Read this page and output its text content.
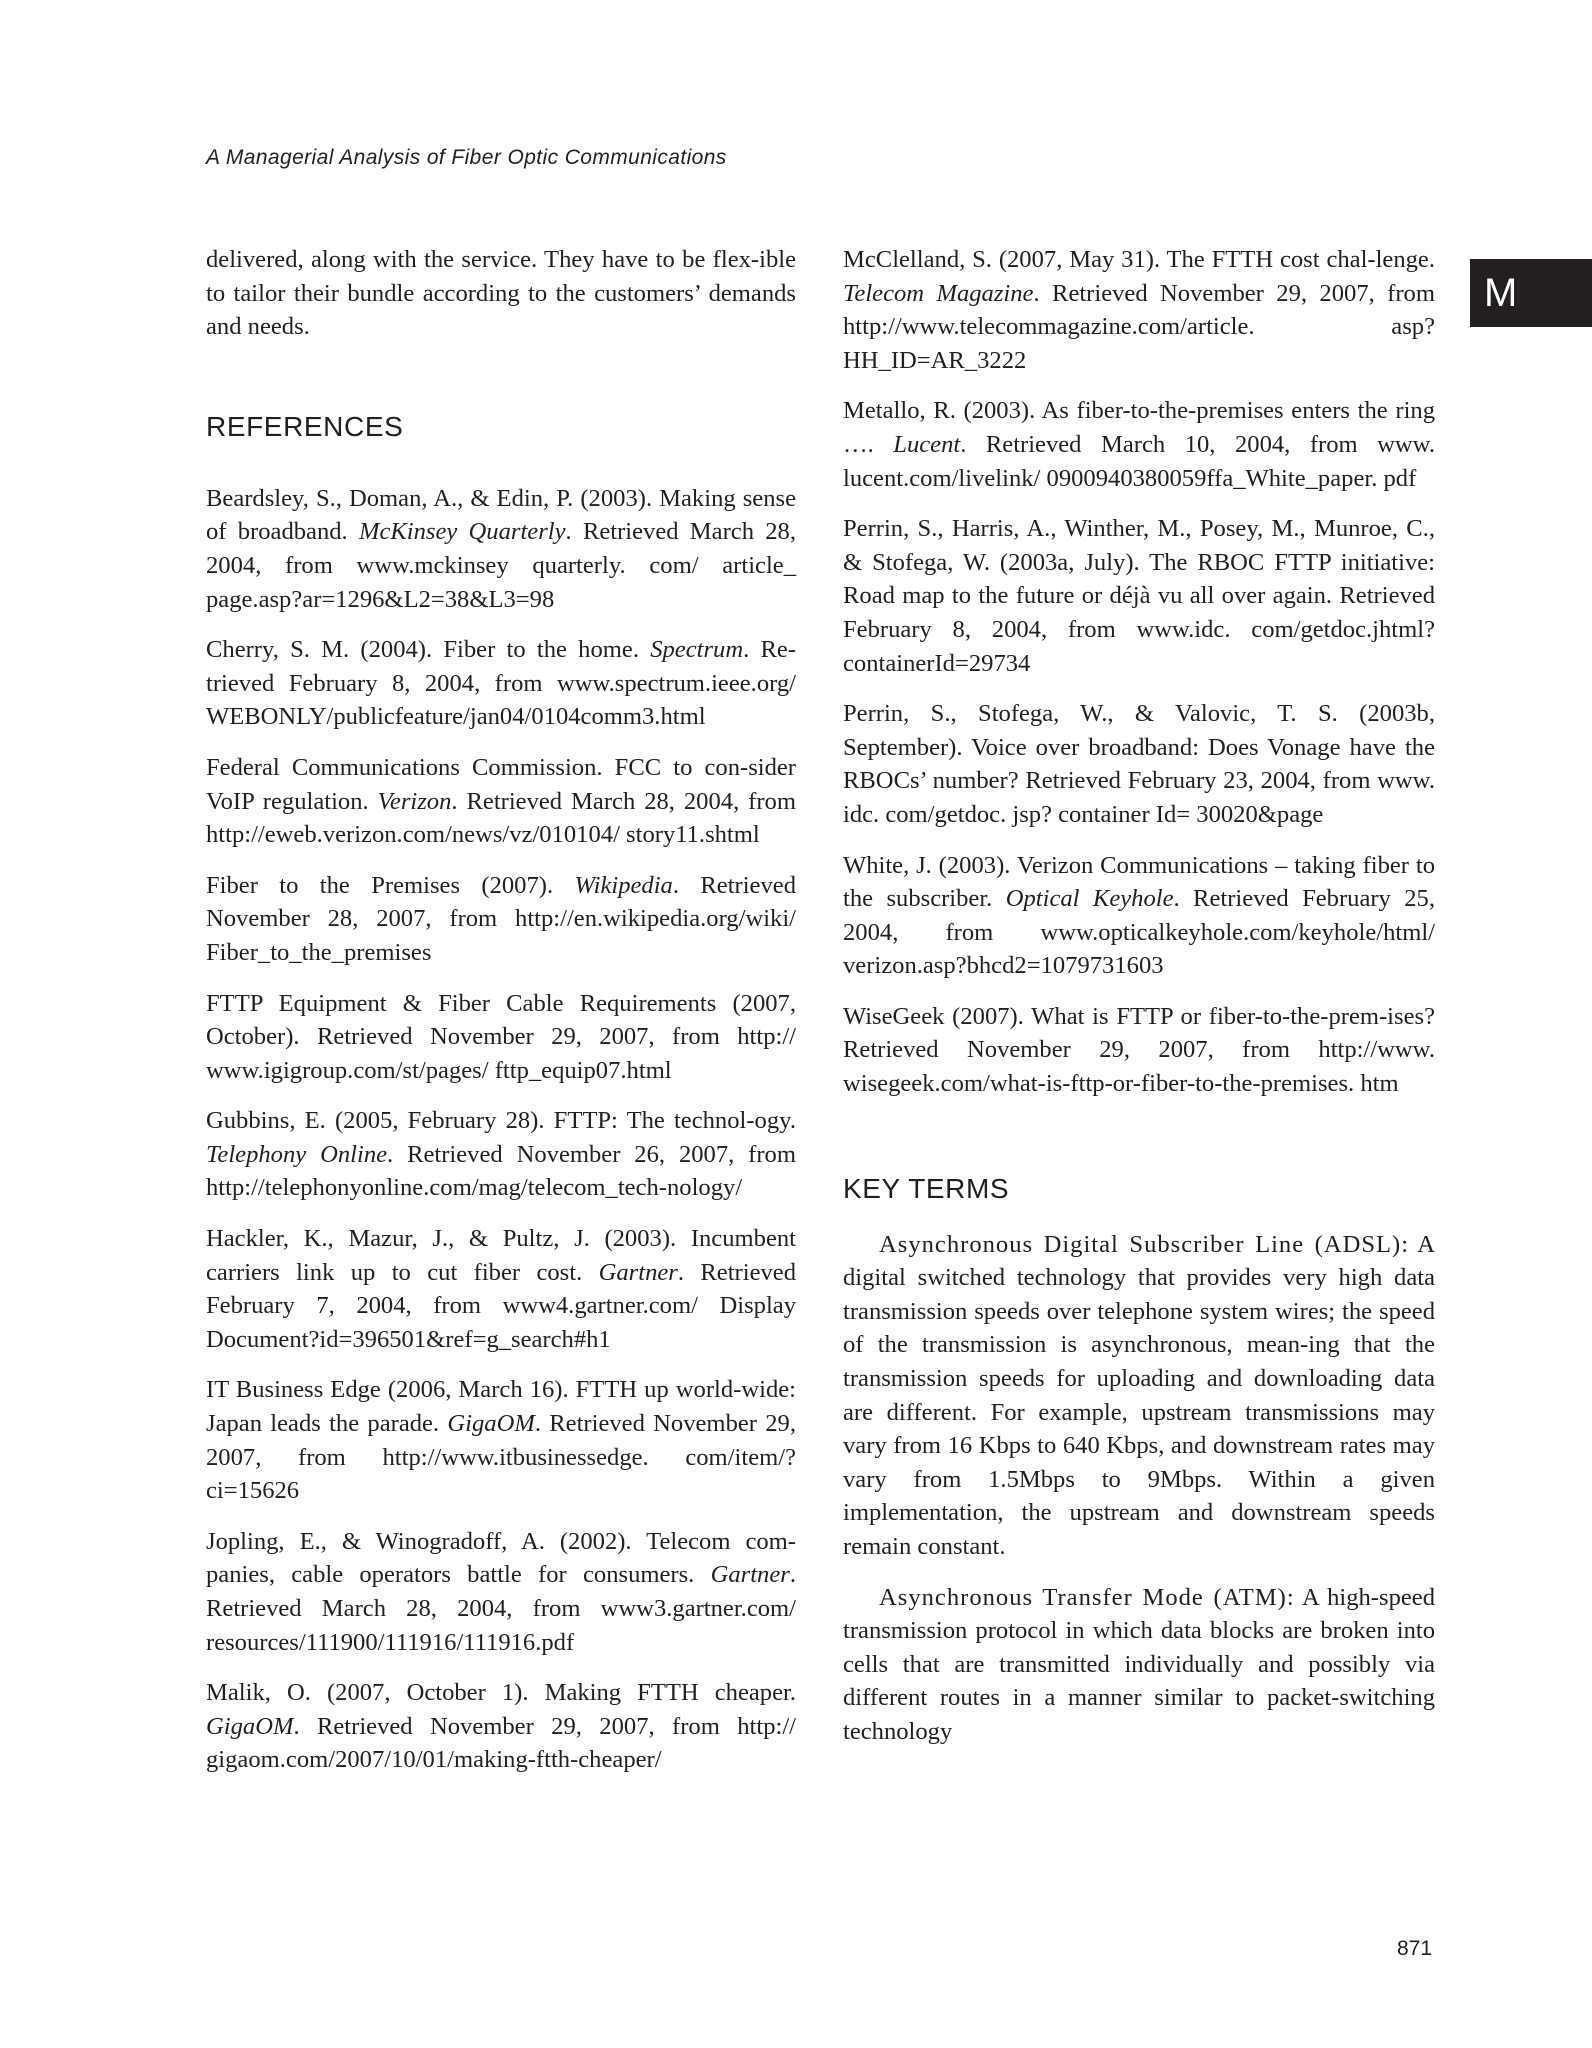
A Managerial Analysis of Fiber Optic Communications
M

delivered, along with the service. They have to be flex-ible to tailor their bundle according to the customers’ demands and needs.

REFERENCES

Beardsley, S., Doman, A., & Edin, P. (2003). Making sense of broadband. McKinsey Quarterly. Retrieved March 28, 2004, from www.mckinsey quarterly. com/ article_ page.asp?ar=1296&L2=38&L3=98

Cherry, S. M. (2004). Fiber to the home. Spectrum. Re-trieved February 8, 2004, from www.spectrum.ieee.org/ WEBONLY/publicfeature/jan04/0104comm3.html

Federal Communications Commission. FCC to con-sider VoIP regulation. Verizon. Retrieved March 28, 2004, from http://eweb.verizon.com/news/vz/010104/ story11.shtml

Fiber to the Premises (2007). Wikipedia. Retrieved November 28, 2007, from http://en.wikipedia.org/wiki/ Fiber_to_the_premises

FTTP Equipment & Fiber Cable Requirements (2007, October). Retrieved November 29, 2007, from http:// www.igigroup.com/st/pages/ fttp_equip07.html

Gubbins, E. (2005, February 28). FTTP: The technol-ogy. Telephony Online. Retrieved November 26, 2007, from http://telephonyonline.com/mag/telecom_tech-nology/

Hackler, K., Mazur, J., & Pultz, J. (2003). Incumbent carriers link up to cut fiber cost. Gartner. Retrieved February 7, 2004, from www4.gartner.com/ Display Document?id=396501&ref=g_search#h1

IT Business Edge (2006, March 16). FTTH up world-wide: Japan leads the parade. GigaOM. Retrieved November 29, 2007, from http://www.itbusinessedge. com/item/?ci=15626

Jopling, E., & Winogradoff, A. (2002). Telecom com-panies, cable operators battle for consumers. Gartner. Retrieved March 28, 2004, from www3.gartner.com/ resources/111900/111916/111916.pdf

Malik, O. (2007, October 1). Making FTTH cheaper. GigaOM. Retrieved November 29, 2007, from http:// gigaom.com/2007/10/01/making-ftth-cheaper/

McClelland, S. (2007, May 31). The FTTH cost chal-lenge. Telecom Magazine. Retrieved November 29, 2007, from http://www.telecommagazine.com/article. asp?HH_ID=AR_3222

Metallo, R. (2003). As fiber-to-the-premises enters the ring …. Lucent. Retrieved March 10, 2004, from www. lucent.com/livelink/ 0900940380059ffa_White_paper. pdf

Perrin, S., Harris, A., Winther, M., Posey, M., Munroe, C., & Stofega, W. (2003a, July). The RBOC FTTP initiative: Road map to the future or déjà vu all over again. Retrieved February 8, 2004, from www.idc. com/getdoc.jhtml?containerId=29734

Perrin, S., Stofega, W., & Valovic, T. S. (2003b, September). Voice over broadband: Does Vonage have the RBOCs’ number? Retrieved February 23, 2004, from www. idc. com/getdoc. jsp? container Id= 30020&page

White, J. (2003). Verizon Communications – taking fiber to the subscriber. Optical Keyhole. Retrieved February 25, 2004, from www.opticalkeyhole.com/keyhole/html/ verizon.asp?bhcd2=1079731603

WiseGeek (2007). What is FTTP or fiber-to-the-prem-ises? Retrieved November 29, 2007, from http://www. wisegeek.com/what-is-fttp-or-fiber-to-the-premises. htm

KEY TERMS

Asynchronous Digital Subscriber Line (ADSL): A digital switched technology that provides very high data transmission speeds over telephone system wires; the speed of the transmission is asynchronous, mean-ing that the transmission speeds for uploading and downloading data are different. For example, upstream transmissions may vary from 16 Kbps to 640 Kbps, and downstream rates may vary from 1.5Mbps to 9Mbps. Within a given implementation, the upstream and downstream speeds remain constant.

Asynchronous Transfer Mode (ATM): A high-speed transmission protocol in which data blocks are broken into cells that are transmitted individually and possibly via different routes in a manner similar to packet-switching technology

871
